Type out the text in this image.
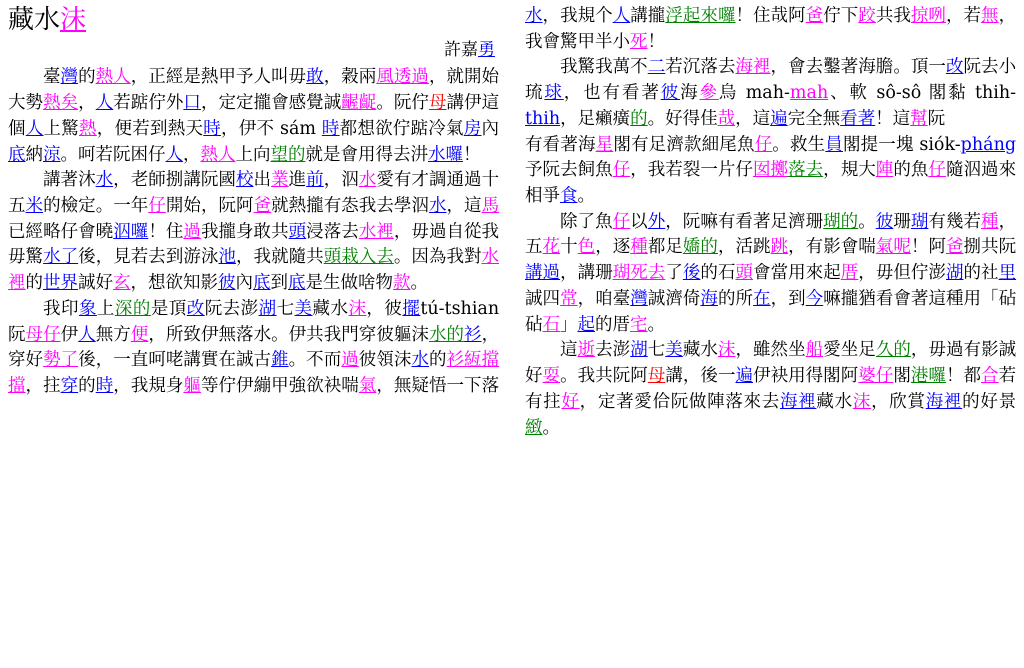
藏水沫
許嘉勇

臺灣的熱人，正經是熱甲予人叫毋敢，穀兩風透過，就開始大勢熱矣，人若踮佇外口，定定攏會感覺誠齷齪。阮佇母講伊這個人上驚熱，便若到熱天時，伊不 sám 時都想欲佇踮冷氣房內底納涼。呵若阮困仔人，熱人上向望的就是會用得去汫水囉！

講著沐水，老師捌講阮國校出業進前，泅水愛有才調通過十五米的檢定。一年仔開始，阮阿爸就熱攏有怣我去學泅水，這馬已經略仔會曉泅囉！住過我攏身敢共頭浸落去水裡，毋過自從我毋驚水了後，見若去到游泳池，我就隨共頭栽入去。因為我對水裡的世界誠好玄，想欲知影彼內底到底是生做啥物款。

我印象上深的是頂改阮去澎湖七美藏水沫，彼擺tú-tshian 阮母仔伊人無方便，所致伊無落水。伊共我門穿彼軀沫水的衫，穿好勢了後，一直呵咾講實在誠古錐。不而過彼領沫水的衫絚擋擋，拄穿的時，我規身軀等佇伊繃甲強欲袂喘氣，無疑悟一下落水，我規个人講攏浮起來囉！住哉阿爸佇下跤共我掠咧，若無，我會驚甲半小死！

我驚我萬不二若沉落去海裡，會去鑿著海膽。頂一改阮去小琉球，也有看著彼海參烏 mah-mah、軟 sô-sô 閣黏 thih-thih，足癩癀的。好得佳哉，這遍完全無看著！這幫阮

有看著海星閣有足濟款細尾魚仔。救生員閣提一塊 siók-pháng 予阮去飼魚仔，我若裂一片仔囡擲落去，規大陣的魚仔隨泅過來相爭食。

除了魚仔以外，阮嘛有看著足濟珊瑚的。彼珊瑚有幾若種，五花十色，逐種都足嬌的，活跳跳，有影會喘氣呢！阿爸捌共阮講過，講珊瑚死去了後的石頭會當用來起厝，毋但佇澎湖的社里誠四常，咱臺灣誠濟倚海的所在，到今嘛攏猶看會著這種用「砧砧石」起的厝宅。

這逝去澎湖七美藏水沫，雖然坐船愛坐足久的，毋過有影誠好耍。我共阮阿母講，後一遍伊袂用得閣阿婆仔閣港囉！都合若有拄好，定著愛佮阮做陣落來去海裡藏水沫，欣賞海裡的好景緻。
